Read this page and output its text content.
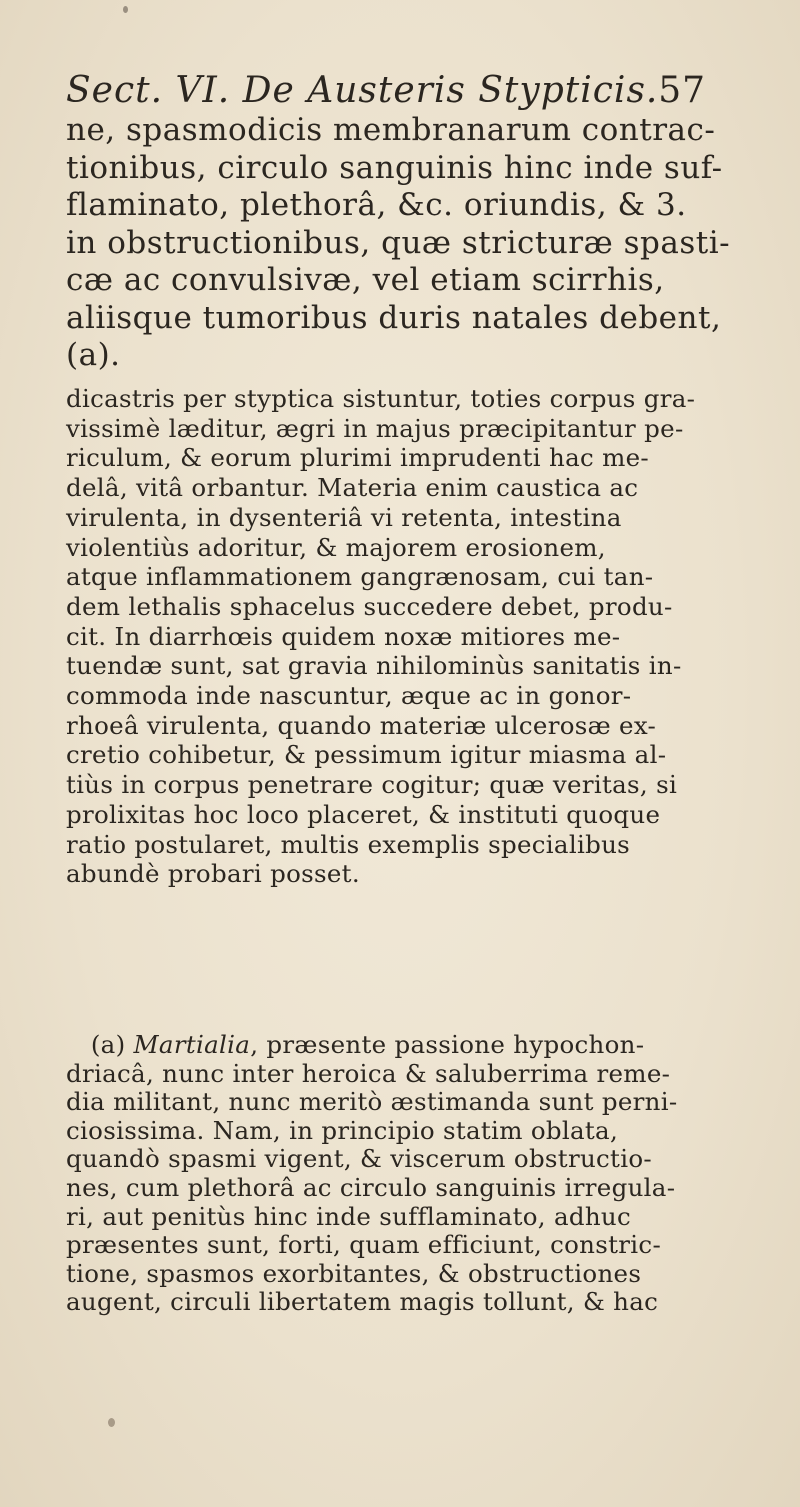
Sect. VI. De Austeris Stypticis. 57
ne, spasmodicis membranarum contrac-
tionibus, circulo sanguinis hinc inde suf-
flaminato, plethorâ, &c. oriundis, & 3.
in obstructionibus, quæ stricturæ spasti-
cæ ac convulsivæ, vel etiam scirrhis,
aliisque tumoribus duris natales debent,
(a).
dicastris per styptica sistuntur, toties corpus gra-
vissimè læditur, ægri in majus præcipitantur pe-
riculum, & eorum plurimi imprudenti hac me-
delâ, vitâ orbantur. Materia enim caustica ac
virulenta, in dysenteriâ vi retenta, intestina
violentiùs adoritur, & majorem erosionem,
atque inflammationem gangrænosam, cui tan-
dem lethalis sphacelus succedere debet, produ-
cit. In diarrhœis quidem noxæ mitiores me-
tuendæ sunt, sat gravia nihilominùs sanitatis in-
commoda inde nascuntur, æque ac in gonor-
rhoeâ virulenta, quando materiæ ulcerosæ ex-
cretio cohibetur, & pessimum igitur miasma al-
tiùs in corpus penetrare cogitur; quæ veritas, si
prolixitas hoc loco placeret, & instituti quoque
ratio postularet, multis exemplis specialibus
abundè probari posset.
 (a) Martialia, præsente passione hypochon-
driacâ, nunc inter heroica & saluberrima reme-
dia militant, nunc meritò æstimanda sunt perni-
ciosissima. Nam, in principio statim oblata,
quandò spasmi vigent, & viscerum obstructio-
nes, cum plethorâ ac circulo sanguinis irregula-
ri, aut penitùs hinc inde sufflaminato, adhuc
præsentes sunt, forti, quam efficiunt, constric-
tione, spasmos exorbitantes, & obstructiones
augent, circuli libertatem magis tollunt, & hac
